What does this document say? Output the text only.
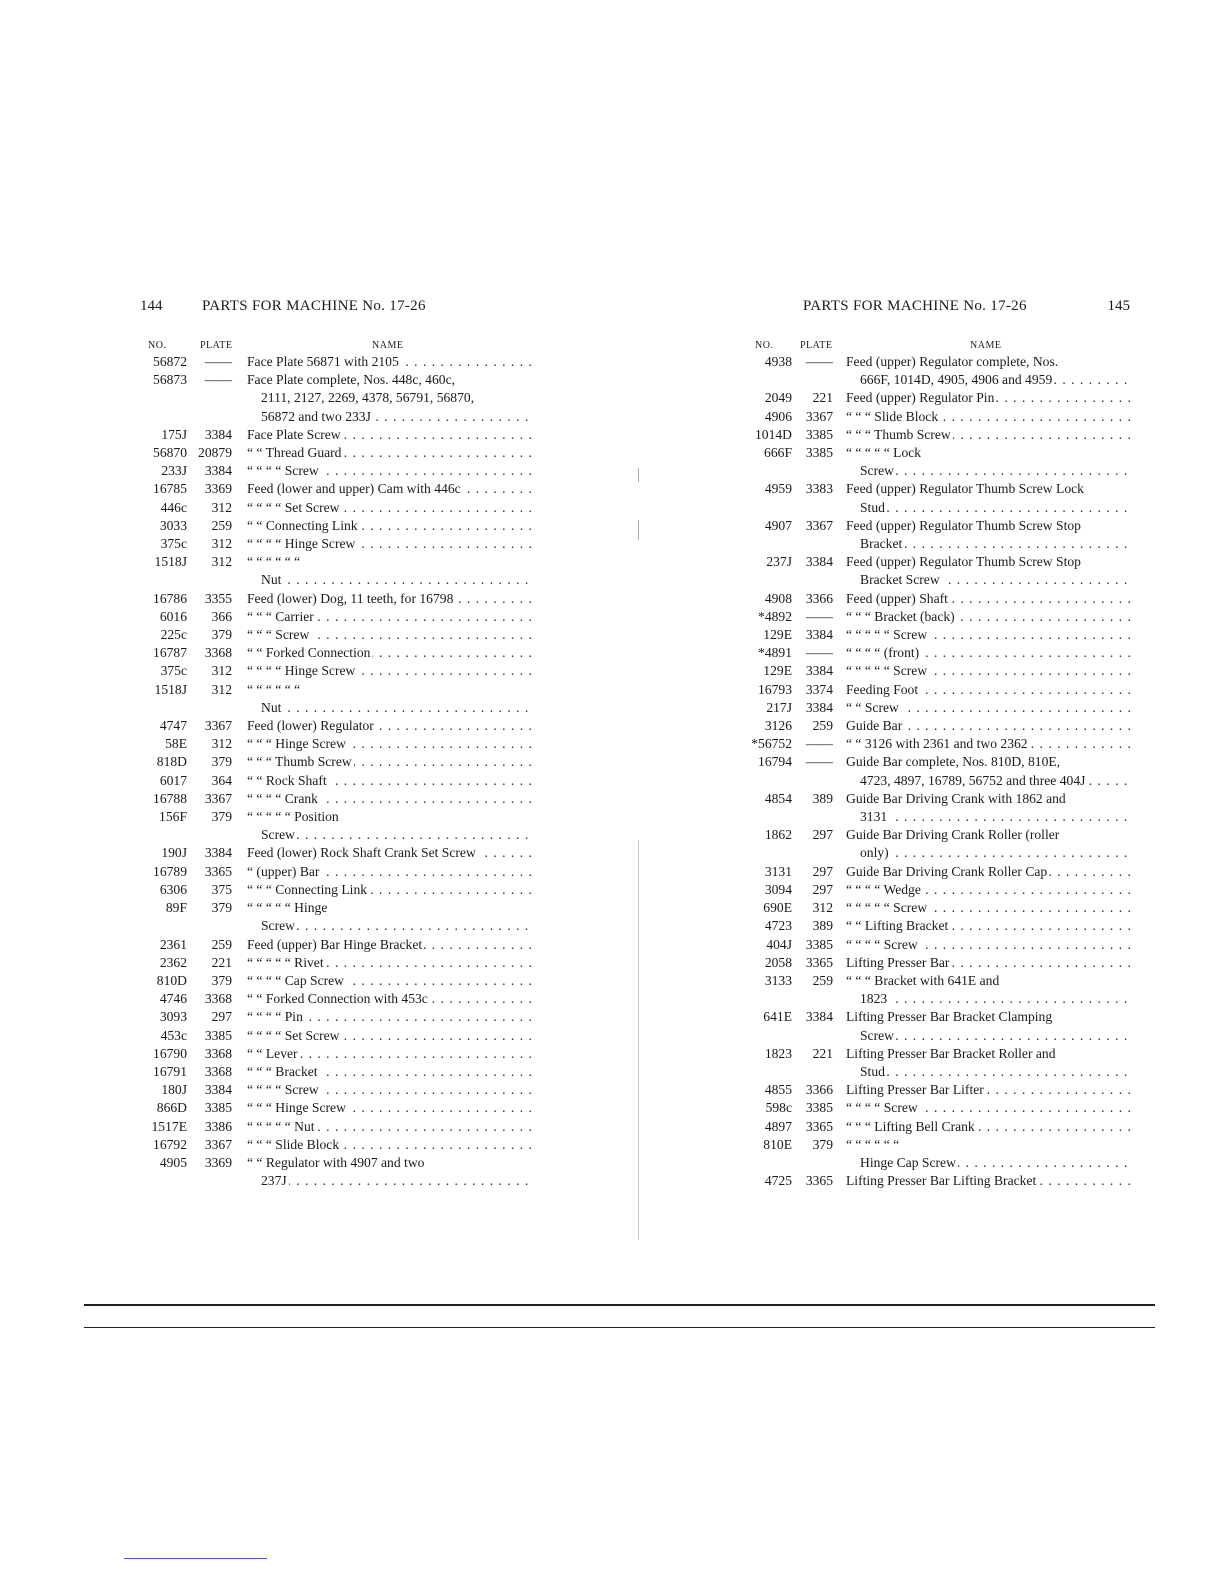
144	PARTS FOR MACHINE No. 17-26
NO.	PLATE	NAME
56872	—— Face Plate 56871 with 2105 . . .
56873	—— Face Plate complete, Nos. 448c, 460c,
2111, 2127, 2269, 4378, 56791, 56870,
56872 and two 233J . . .
175J	3384 Face Plate Screw . . .
56870 20879 “ “ Thread Guard . . .
233J	3384 “ “ “ “ Screw . . .
16785	3369 Feed (lower and upper) Cam with 446c . . .
446c	312 “ “ “ “ Set Screw . . .
3033	259 “ “ Connecting Link . . .
375c	312 “ “ “ “ Hinge Screw . . .
1518J	312 “ “ “ “ “ “
Nut . . .
16786	3355 Feed (lower) Dog, 11 teeth, for 16798 . . .
6016	366 “ “ “ Carrier . . .
225c	379 “ “ “ Screw . . .
16787	3368 “ “ Forked Connection . . .
375c	312 “ “ “ “ Hinge Screw . . .
1518J	312 “ “ “ “ “ “
Nut . . .
4747	3367 Feed (lower) Regulator . . .
58E	312 “ “ “ Hinge Screw . . .
818D	379 “ “ “ Thumb Screw . . .
6017	364 “ “ Rock Shaft . . .
16788	3367 “ “ “ “ Crank . . .
156F	379 “ “ “ “ “ Position
Screw . . .
190J	3384 Feed (lower) Rock Shaft Crank Set Screw . . .
16789	3365 “ (upper) Bar . . .
6306	375 “ “ “ Connecting Link . . .
89F	379 “ “ “ “ “ Hinge
Screw . . .
2361	259 Feed (upper) Bar Hinge Bracket . . .
2362	221 “ “ “ “ “ Rivet . . .
810D	379 “ “ “ “ Cap Screw . . .
4746	3368 “ “ Forked Connection with 453c . . .
3093	297 “ “ “ “ Pin . . .
453c	3385 “ “ “ “ Set Screw . . .
16790	3368 “ “ Lever . . .
16791	3368 “ “ “ Bracket . . .
180J	3384 “ “ “ “ Screw . . .
866D	3385 “ “ “ Hinge Screw . . .
1517E	3386 “ “ “ “ “ Nut . . .
16792	3367 “ “ “ Slide Block . . .
4905	3369 “ “ Regulator with 4907 and two
237J . . .
PARTS FOR MACHINE No. 17-26	145
NO.	PLATE	NAME
4938	—— Feed (upper) Regulator complete, Nos.
666F, 1014D, 4905, 4906 and 4959 . . .
2049	221 Feed (upper) Regulator Pin . . .
4906	3367 “ “ “ Slide Block . . .
1014D	3385 “ “ “ Thumb Screw . . .
666F	3385 “ “ “ “ “ Lock
Screw . . .
4959	3383 Feed (upper) Regulator Thumb Screw Lock
Stud . . .
4907	3367 Feed (upper) Regulator Thumb Screw Stop
Bracket . . .
237J	3384 Feed (upper) Regulator Thumb Screw Stop
Bracket Screw . . .
4908	3366 Feed (upper) Shaft . . .
*4892	—— “ “ “ Bracket (back) . . .
129E	3384 “ “ “ “ “ Screw . . .
*4891	—— “ “ “ “ (front) . . .
129E	3384 “ “ “ “ “ Screw . . .
16793	3374 Feeding Foot . . .
217J	3384 “ “ Screw . . .
3126	259 Guide Bar . . .
*56752	—— “ “ 3126 with 2361 and two 2362 . . .
16794	—— Guide Bar complete, Nos. 810D, 810E,
4723, 4897, 16789, 56752 and three 404J . . .
4854	389 Guide Bar Driving Crank with 1862 and
3131 . . .
1862	297 Guide Bar Driving Crank Roller (roller
only) . . .
3131	297 Guide Bar Driving Crank Roller Cap . . .
3094	297 “ “ “ “ Wedge . . .
690E	312 “ “ “ “ “ Screw . . .
4723	389 “ “ Lifting Bracket . . .
404J	3385 “ “ “ “ Screw . . .
2058	3365 Lifting Presser Bar . . .
3133	259 “ “ “ Bracket with 641E and
1823 . . .
641E	3384 Lifting Presser Bar Bracket Clamping
Screw . . .
1823	221 Lifting Presser Bar Bracket Roller and
Stud . . .
4855	3366 Lifting Presser Bar Lifter . . .
598c	3385 “ “ “ “ Screw . . .
4897	3365 “ “ “ Lifting Bell Crank . . .
810E	379 “ “ “ “ “ “
Hinge Cap Screw . . .
4725	3365 Lifting Presser Bar Lifting Bracket . . .
